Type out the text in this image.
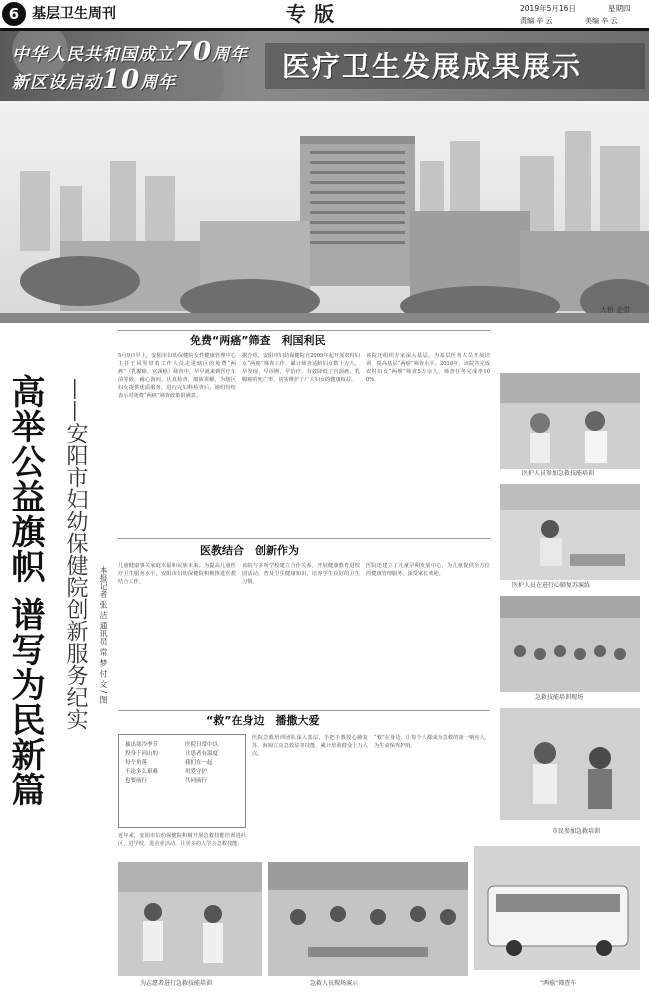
6 基层卫生周刊	专版	2019年5月16日	星期四
责编 辛 云	美编 辛 云
中华人民共和国成立70周年
新区设启动10周年	医疗卫生发展成果展示
大桥 企带
高举公益旗帜 谱写为民新篇 ——安阳市妇幼保健院创新服务纪实	本报记者 张 洁 通讯员 常 梦 付 文 / 图
免费“两癌”筛查　利国利民
5月9日早上，安阳市妇幼保健院女性健康管理中心主任王风琴带着工作人员走进辖区的免费“两癌”（乳腺癌、宫颈癌）筛查中，早早就来到医疗车前等候，耐心询问，认真检查，细致讲解，为辖区妇女提供优质服务。进行完妇科检查后，她们纷纷表示对免费“两癌”筛查政策很满意。
据介绍，安阳市妇幼保健院自2009年起开展农村妇女“两癌”筛查工作，累计筛查适龄妇女数十万人，早发现、早诊断、早治疗，有效降低了宫颈癌、乳腺癌的死亡率，切实维护了广大妇女的健康权益。
该院还组织专家深入基层，为基层医务人员开展培训，提高基层“两癌”筛查水平。2018年，该院共完成农村妇女“两癌”筛查5万余人，筛查任务完成率100%。
医教结合　创新作为
儿童健康事关家庭幸福和民族未来。为提高儿童医疗卫生服务水平，安阳市妇幼保健院积极推进医教结合工作。
该院与多所学校建立合作关系，开展健康教育进校园活动，普及卫生健康知识，培养学生良好的卫生习惯。
医院还建立了儿童早期发展中心，为儿童提供全方位的健康管理服务，深受家长欢迎。
“救”在身边　播撒大爱
抽出寒冷季节
投身于河山的
每个角落
不论多么艰难
也要前行
医院日常中以
让患者有温度
我们在一起
用爱守护
共同前行
近年来，安阳市妇幼保健院积极开展急救技能培训进社区、进学校、进企业活动，让更多的人学会急救技能。
医院急救培训团队深入基层，手把手教授心肺复苏、海姆立克急救法等技能，累计培训群众上万人次。
“救”在身边，让每个人都成为急救的第一响应人，为生命保驾护航。
医护人员参加急救技能培训
医护人员在进行心肺复苏演练
急救技能培训现场
市民参加急救培训
为志愿者进行急救技能培训	急救人员现场演示	“两癌”筛查车
